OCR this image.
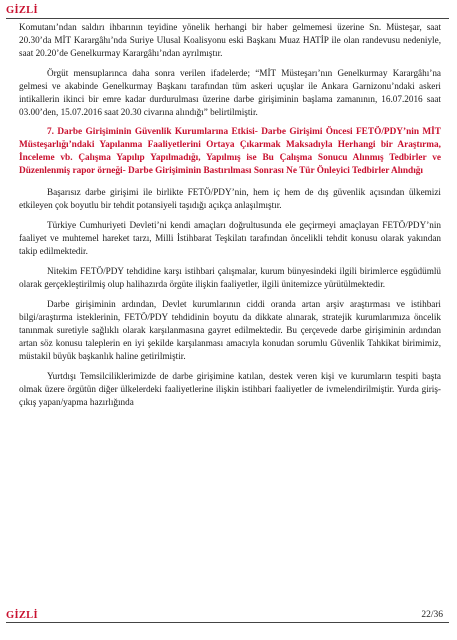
GİZLİ

Komutanı’ndan saldırı ihbarının teyidine yönelik herhangi bir haber gelmemesi üzerine Sn. Müsteşar, saat 20.30’da MİT Karargâhı’nda Suriye Ulusal Koalisyonu eski Başkanı Muaz HATİP ile olan randevusu nedeniyle, saat 20.20’de Genelkurmay Karargâhı’ndan ayrılmıştır.

Örgüt mensuplarınca daha sonra verilen ifadelerde; “MİT Müsteşarı’nın Genelkurmay Karargâhı’na gelmesi ve akabinde Genelkurmay Başkanı tarafından tüm askeri uçuşlar ile Ankara Garnizonu’ndaki askeri intikallerin ikinci bir emre kadar durdurulması üzerine darbe girişiminin başlama zamanının, 16.07.2016 saat 03.00’den, 15.07.2016 saat 20.30 civarına alındığı” belirtilmiştir.

7. Darbe Girişiminin Güvenlik Kurumlarına Etkisi- Darbe Girişimi Öncesi FETÖ/PDY’nin MİT Müsteşarlığı’ndaki Yapılanma Faaliyetlerini Ortaya Çıkarmak Maksadıyla Herhangi bir Araştırma, İnceleme vb. Çalışma Yapılıp Yapılmadığı, Yapılmış ise Bu Çalışma Sonucu Alınmış Tedbirler ve Düzenlenmiş rapor örneği- Darbe Girişiminin Bastırılması Sonrası Ne Tür Önleyici Tedbirler Alındığı

Başarısız darbe girişimi ile birlikte FETÖ/PDY’nin, hem iç hem de dış güvenlik açısından ülkemizi etkileyen çok boyutlu bir tehdit potansiyeli taşıdığı açıkça anlaşılmıştır.

Türkiye Cumhuriyeti Devleti’ni kendi amaçları doğrultusunda ele geçirmeyi amaçlayan FETÖ/PDY’nin faaliyet ve muhtemel hareket tarzı, Milli İstihbarat Teşkilatı tarafından öncelikli tehdit konusu olarak yakından takip edilmektedir.

Nitekim FETÖ/PDY tehdidine karşı istihbari çalışmalar, kurum bünyesindeki ilgili birimlerce eşgüdümlü olarak gerçekleştirilmiş olup halihazırda örgüte ilişkin faaliyetler, ilgili ünitemizce yürütülmektedir.

Darbe girişiminin ardından, Devlet kurumlarının ciddi oranda artan arşiv araştırması ve istihbari bilgi/araştırma isteklerinin, FETÖ/PDY tehdidinin boyutu da dikkate alınarak, stratejik kurumlarımıza öncelik tanınmak suretiyle sağlıklı olarak karşılanmasına gayret edilmektedir. Bu çerçevede darbe girişiminin ardından artan söz konusu taleplerin en iyi şekilde karşılanması amacıyla konudan sorumlu Güvenlik Tahkikat birimimiz, müstakil büyük başkanlık haline getirilmiştir.

Yurtdışı Temsilciliklerimizde de darbe girişimine katılan, destek veren kişi ve kurumların tespiti başta olmak üzere örgütün diğer ülkelerdeki faaliyetlerine ilişkin istihbari faaliyetler de ivmelendirilmiştir. Yurda giriş-çıkış yapan/yapma hazırlığında

GİZLİ	22/36
